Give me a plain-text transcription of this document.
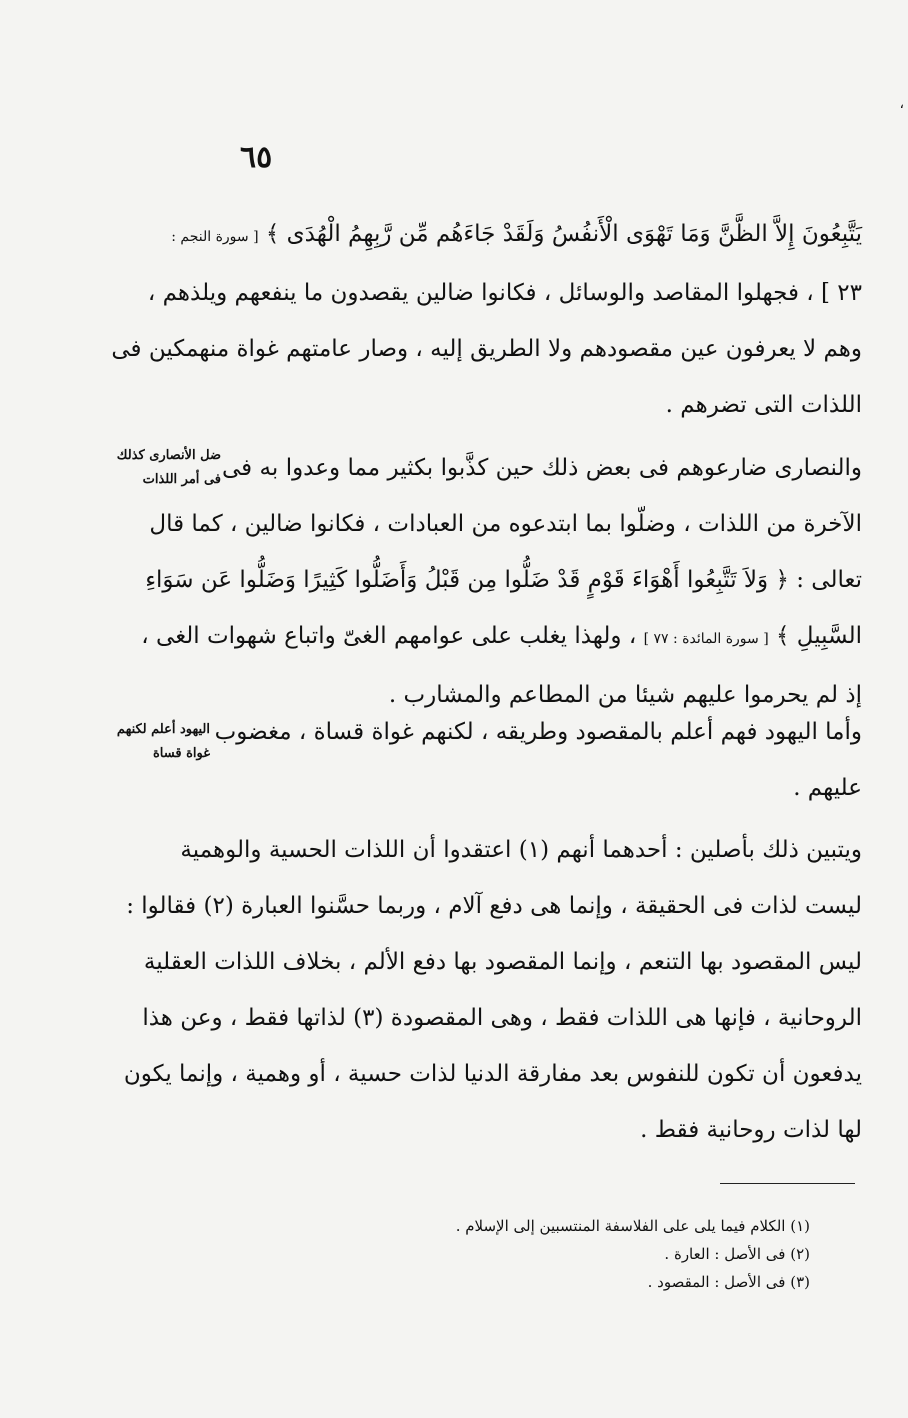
٦٥
،
يَتَّبِعُونَ إِلاَّ الظَّنَّ وَمَا تَهْوَى الْأَنفُسُ وَلَقَدْ جَاءَهُم مِّن رَّبِهِمُ الْهُدَى ﴾ [ سورة النجم :
٢٣ ] ، فجهلوا المقاصد والوسائل ، فكانوا ضالين يقصدون ما ينفعهم ويلذهم ،
وهم لا يعرفون عين مقصودهم ولا الطريق إليه ، وصار عامتهم غواة منهمكين فى
اللذات التى تضرهم .
والنصارى ضارعوهم فى بعض ذلك حين كذَّبوا بكثير مما وعدوا به فى
الآخرة من اللذات ، وضلّوا بما ابتدعوه من العبادات ، فكانوا ضالين ، كما قال
تعالى : ﴿ وَلاَ تَتَّبِعُوا أَهْوَاءَ قَوْمٍ قَدْ ضَلُّوا مِن قَبْلُ وَأَضَلُّوا كَثِيرًا وَضَلُّوا عَن سَوَاءِ
السَّبِيلِ ﴾ [ سورة المائدة : ٧٧ ] ، ولهذا يغلب على عوامهم الغىّ واتباع شهوات الغى ،
إذ لم يحرموا عليهم شيئا من المطاعم والمشارب .
وأما اليهود فهم أعلم بالمقصود وطريقه ، لكنهم غواة قساة ، مغضوب
عليهم .
ويتبين ذلك بأصلين : أحدهما أنهم (١) اعتقدوا أن اللذات الحسية والوهمية
ليست لذات فى الحقيقة ، وإنما هى دفع آلام ، وربما حسَّنوا العبارة (٢) فقالوا :
ليس المقصود بها التنعم ، وإنما المقصود بها دفع الألم ، بخلاف اللذات العقلية
الروحانية ، فإنها هى اللذات فقط ، وهى المقصودة (٣) لذاتها فقط ، وعن هذا
يدفعون أن تكون للنفوس بعد مفارقة الدنيا لذات حسية ، أو وهمية ، وإنما يكون
لها لذات روحانية فقط .
ضل الأنصارى كذلك
فى أمر اللذات
اليهود أعلم لكنهم
غواة قساة
(١) الكلام فيما يلى على الفلاسفة المنتسبين إلى الإسلام .
(٢) فى الأصل : العارة .
(٣) فى الأصل : المقصود .
